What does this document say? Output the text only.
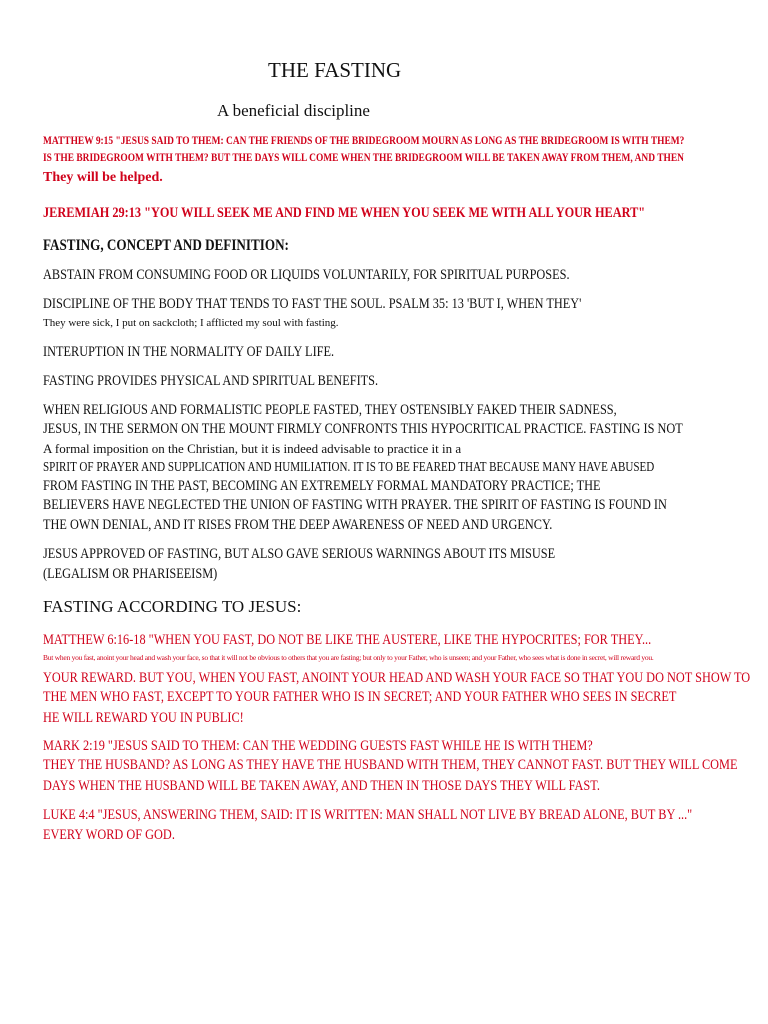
THE FASTING
A beneficial discipline
MATTHEW 9:15 "JESUS SAID TO THEM: CAN THE FRIENDS OF THE BRIDEGROOM MOURN AS LONG AS THE BRIDEGROOM IS WITH THEM?
IS THE BRIDEGROOM WITH THEM? BUT THE DAYS WILL COME WHEN THE BRIDEGROOM WILL BE TAKEN AWAY FROM THEM, AND THEN
They will be helped.
JEREMIAH 29:13 "YOU WILL SEEK ME AND FIND ME WHEN YOU SEEK ME WITH ALL YOUR HEART"
FASTING, CONCEPT AND DEFINITION:
ABSTAIN FROM CONSUMING FOOD OR LIQUIDS VOLUNTARILY, FOR SPIRITUAL PURPOSES.
DISCIPLINE OF THE BODY THAT TENDS TO FAST THE SOUL. PSALM 35: 13 'BUT I, WHEN THEY'
They were sick, I put on sackcloth; I afflicted my soul with fasting.
INTERUPTION IN THE NORMALITY OF DAILY LIFE.
FASTING PROVIDES PHYSICAL AND SPIRITUAL BENEFITS.
WHEN RELIGIOUS AND FORMALISTIC PEOPLE FASTED, THEY OSTENSIBLY FAKED THEIR SADNESS,
JESUS, IN THE SERMON ON THE MOUNT FIRMLY CONFRONTS THIS HYPOCRITICAL PRACTICE. FASTING IS NOT
A formal imposition on the Christian, but it is indeed advisable to practice it in a
SPIRIT OF PRAYER AND SUPPLICATION AND HUMILIATION. IT IS TO BE FEARED THAT BECAUSE MANY HAVE ABUSED
FROM FASTING IN THE PAST, BECOMING AN EXTREMELY FORMAL MANDATORY PRACTICE; THE
BELIEVERS HAVE NEGLECTED THE UNION OF FASTING WITH PRAYER. THE SPIRIT OF FASTING IS FOUND IN
THE OWN DENIAL, AND IT RISES FROM THE DEEP AWARENESS OF NEED AND URGENCY.
JESUS APPROVED OF FASTING, BUT ALSO GAVE SERIOUS WARNINGS ABOUT ITS MISUSE
(LEGALISM OR PHARISEEISM)
FASTING ACCORDING TO JESUS:
MATTHEW 6:16-18 "WHEN YOU FAST, DO NOT BE LIKE THE AUSTERE, LIKE THE HYPOCRITES; FOR THEY...
But when you fast, anoint your head and wash your face, so that it will not be obvious to others that you are fasting; but only to your Father, who is unseen; and your Father, who sees what is done in secret, will reward you.
YOUR REWARD. BUT YOU, WHEN YOU FAST, ANOINT YOUR HEAD AND WASH YOUR FACE SO THAT YOU DO NOT SHOW TO
THE MEN WHO FAST, EXCEPT TO YOUR FATHER WHO IS IN SECRET; AND YOUR FATHER WHO SEES IN SECRET
HE WILL REWARD YOU IN PUBLIC!
MARK 2:19 "JESUS SAID TO THEM: CAN THE WEDDING GUESTS FAST WHILE HE IS WITH THEM?
THEY THE HUSBAND? AS LONG AS THEY HAVE THE HUSBAND WITH THEM, THEY CANNOT FAST. BUT THEY WILL COME
DAYS WHEN THE HUSBAND WILL BE TAKEN AWAY, AND THEN IN THOSE DAYS THEY WILL FAST.
LUKE 4:4 "JESUS, ANSWERING THEM, SAID: IT IS WRITTEN: MAN SHALL NOT LIVE BY BREAD ALONE, BUT BY ..."
EVERY WORD OF GOD.
